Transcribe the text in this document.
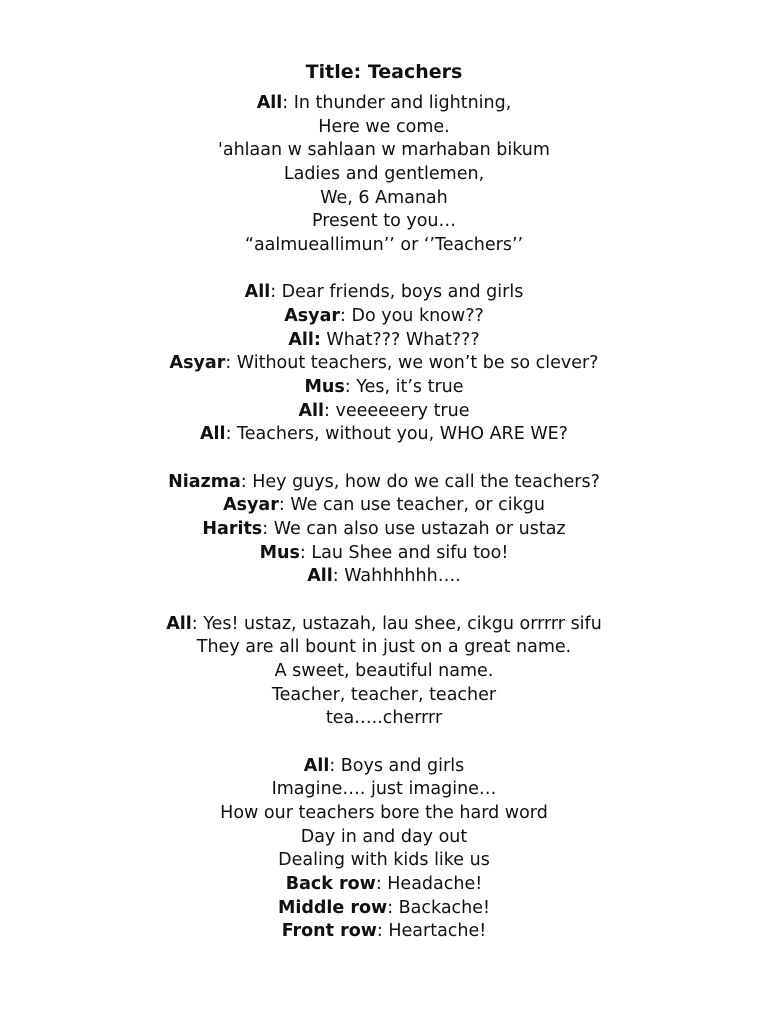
Title: Teachers
All: In thunder and lightning,
Here we come.
'ahlaan w sahlaan w marhaban bikum
Ladies and gentlemen,
We, 6 Amanah
Present to you…
“aalmueallimun’’ or ‘’Teachers’’
All: Dear friends, boys and girls
Asyar: Do you know??
All: What??? What???
Asyar: Without teachers, we won’t be so clever?
Mus: Yes, it’s true
All: veeeeeery true
All: Teachers, without you, WHO ARE WE?
Niazma: Hey guys, how do we call the teachers?
Asyar: We can use teacher, or cikgu
Harits: We can also use ustazah or ustaz
Mus: Lau Shee and sifu too!
All: Wahhhhhh….
All: Yes! ustaz, ustazah, lau shee, cikgu orrrrr sifu
They are all bount in just on a great name.
A sweet, beautiful name.
Teacher, teacher, teacher
tea…..cherrrr
All: Boys and girls
Imagine…. just imagine…
How our teachers bore the hard word
Day in and day out
Dealing with kids like us
Back row: Headache!
Middle row: Backache!
Front row: Heartache!
